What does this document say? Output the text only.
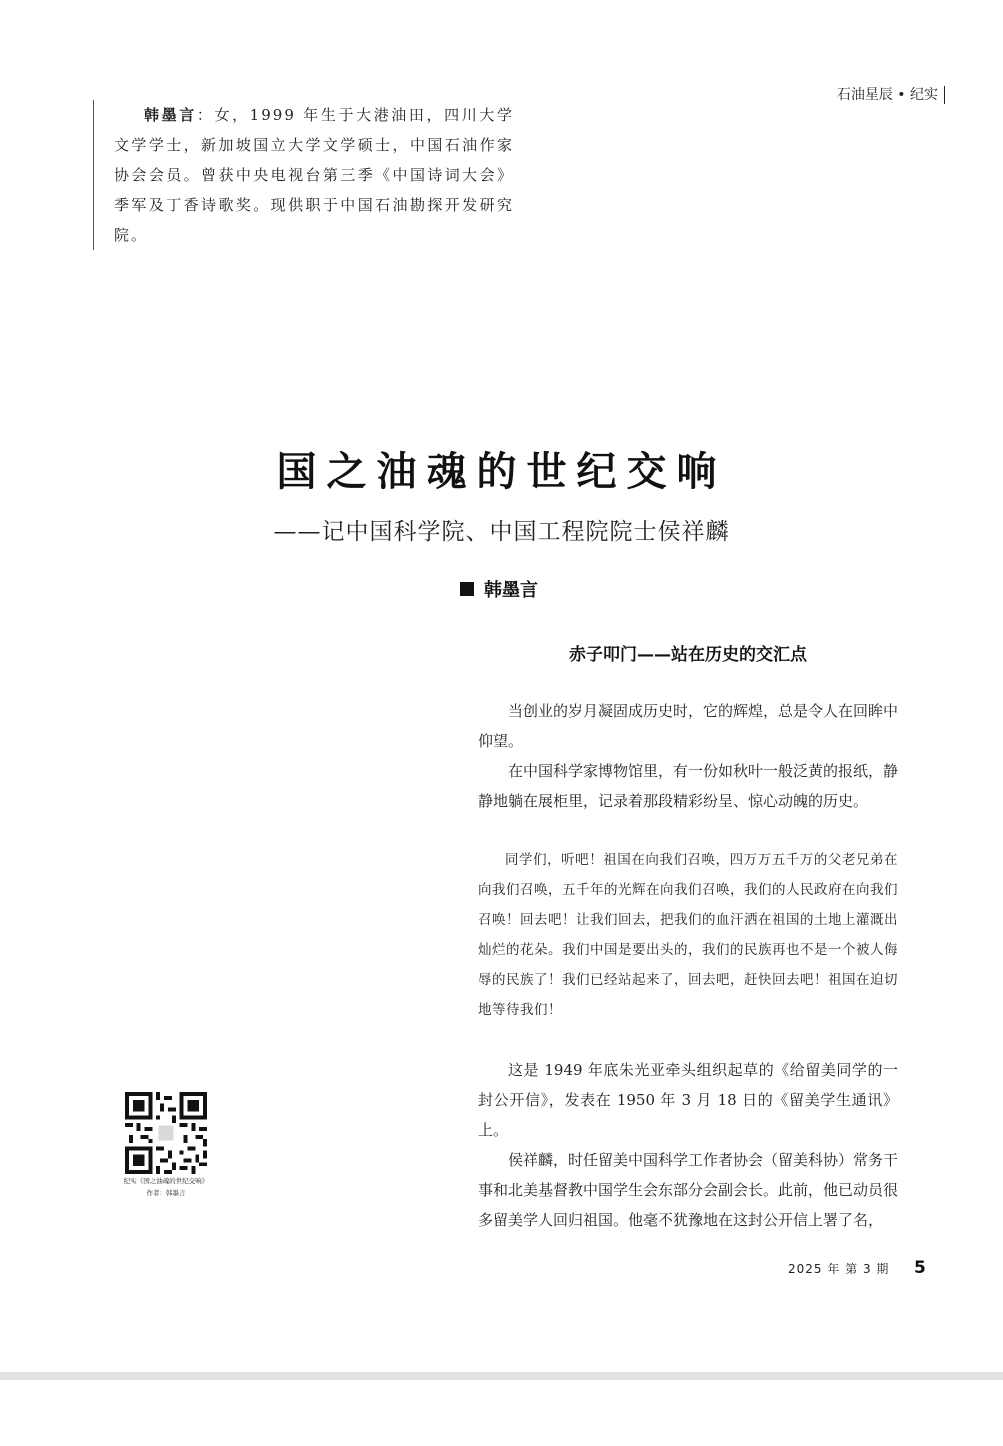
石油星辰 • 纪实
韩墨言：女，1999 年生于大港油田，四川大学文学学士，新加坡国立大学文学硕士，中国石油作家协会会员。曾获中央电视台第三季《中国诗词大会》季军及丁香诗歌奖。现供职于中国石油勘探开发研究院。
国之油魂的世纪交响
——记中国科学院、中国工程院院士侯祥麟
韩墨言
赤子叩门——站在历史的交汇点

当创业的岁月凝固成历史时，它的辉煌，总是令人在回眸中仰望。

在中国科学家博物馆里，有一份如秋叶一般泛黄的报纸，静静地躺在展柜里，记录着那段精彩纷呈、惊心动魄的历史。

同学们，听吧！祖国在向我们召唤，四万万五千万的父老兄弟在向我们召唤，五千年的光辉在向我们召唤，我们的人民政府在向我们召唤！回去吧！让我们回去，把我们的血汗洒在祖国的土地上灌溉出灿烂的花朵。我们中国是要出头的，我们的民族再也不是一个被人侮辱的民族了！我们已经站起来了，回去吧，赶快回去吧！祖国在迫切地等待我们！

这是 1949 年底朱光亚牵头组织起草的《给留美同学的一封公开信》，发表在 1950 年 3 月 18 日的《留美学生通讯》上。

侯祥麟，时任留美中国科学工作者协会（留美科协）常务干事和北美基督教中国学生会东部分会副会长。此前，他已动员很多留美学人回归祖国。他毫不犹豫地在这封公开信上署了名，

纪实《国之油魂的世纪交响》
作者：韩墨言
2025 年 第 3 期 5
